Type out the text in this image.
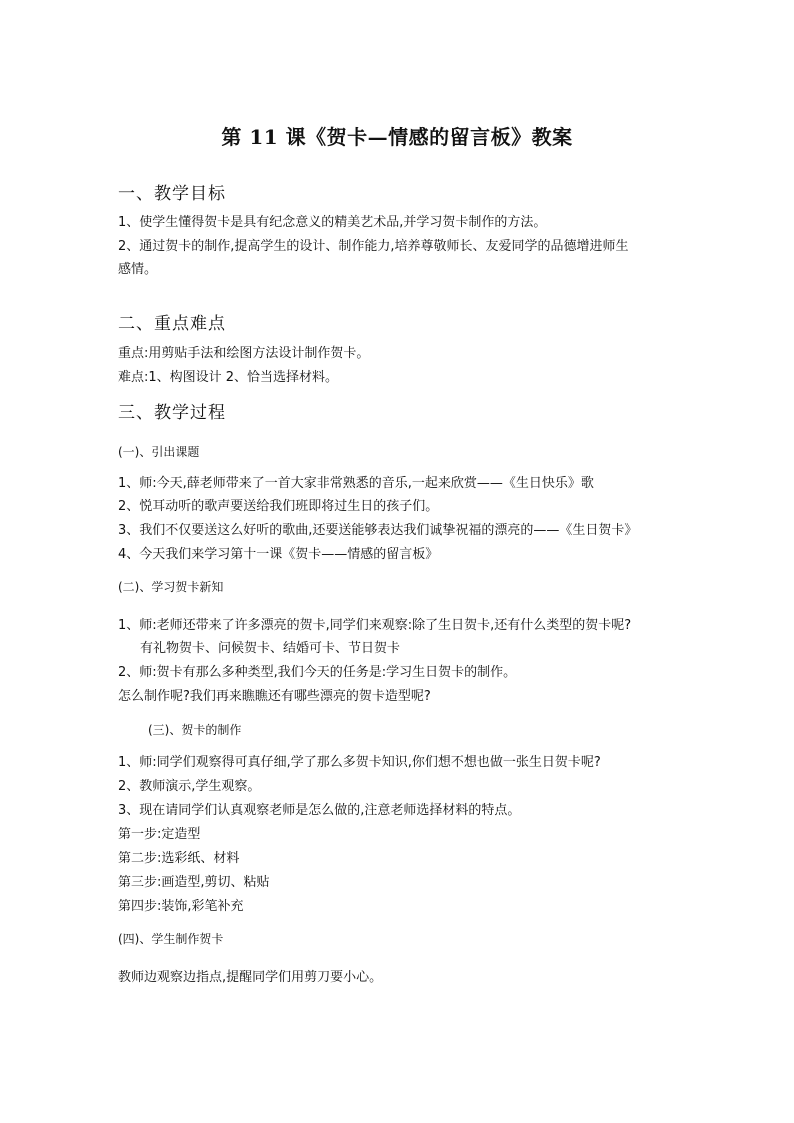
第 11 课《贺卡—情感的留言板》教案
一、教学目标
1、使学生懂得贺卡是具有纪念意义的精美艺术品,并学习贺卡制作的方法。
2、通过贺卡的制作,提高学生的设计、制作能力,培养尊敬师长、友爱同学的品德增进师生
感情。
二、重点难点
重点:用剪贴手法和绘图方法设计制作贺卡。
难点:1、构图设计 2、恰当选择材料。
三、教学过程
(一)、引出课题
1、师:今天,薛老师带来了一首大家非常熟悉的音乐,一起来欣赏——《生日快乐》歌
2、悦耳动听的歌声要送给我们班即将过生日的孩子们。
3、我们不仅要送这么好听的歌曲,还要送能够表达我们诚挚祝福的漂亮的——《生日贺卡》
4、今天我们来学习第十一课《贺卡——情感的留言板》
(二)、学习贺卡新知
1、师:老师还带来了许多漂亮的贺卡,同学们来观察:除了生日贺卡,还有什么类型的贺卡呢?
有礼物贺卡、问候贺卡、结婚可卡、节日贺卡
2、师:贺卡有那么多种类型,我们今天的任务是:学习生日贺卡的制作。
怎么制作呢?我们再来瞧瞧还有哪些漂亮的贺卡造型呢?
(三)、贺卡的制作
1、师:同学们观察得可真仔细,学了那么多贺卡知识,你们想不想也做一张生日贺卡呢?
2、教师演示,学生观察。
3、现在请同学们认真观察老师是怎么做的,注意老师选择材料的特点。
第一步:定造型
第二步:选彩纸、材料
第三步:画造型,剪切、粘贴
第四步:装饰,彩笔补充
(四)、学生制作贺卡
教师边观察边指点,提醒同学们用剪刀要小心。
